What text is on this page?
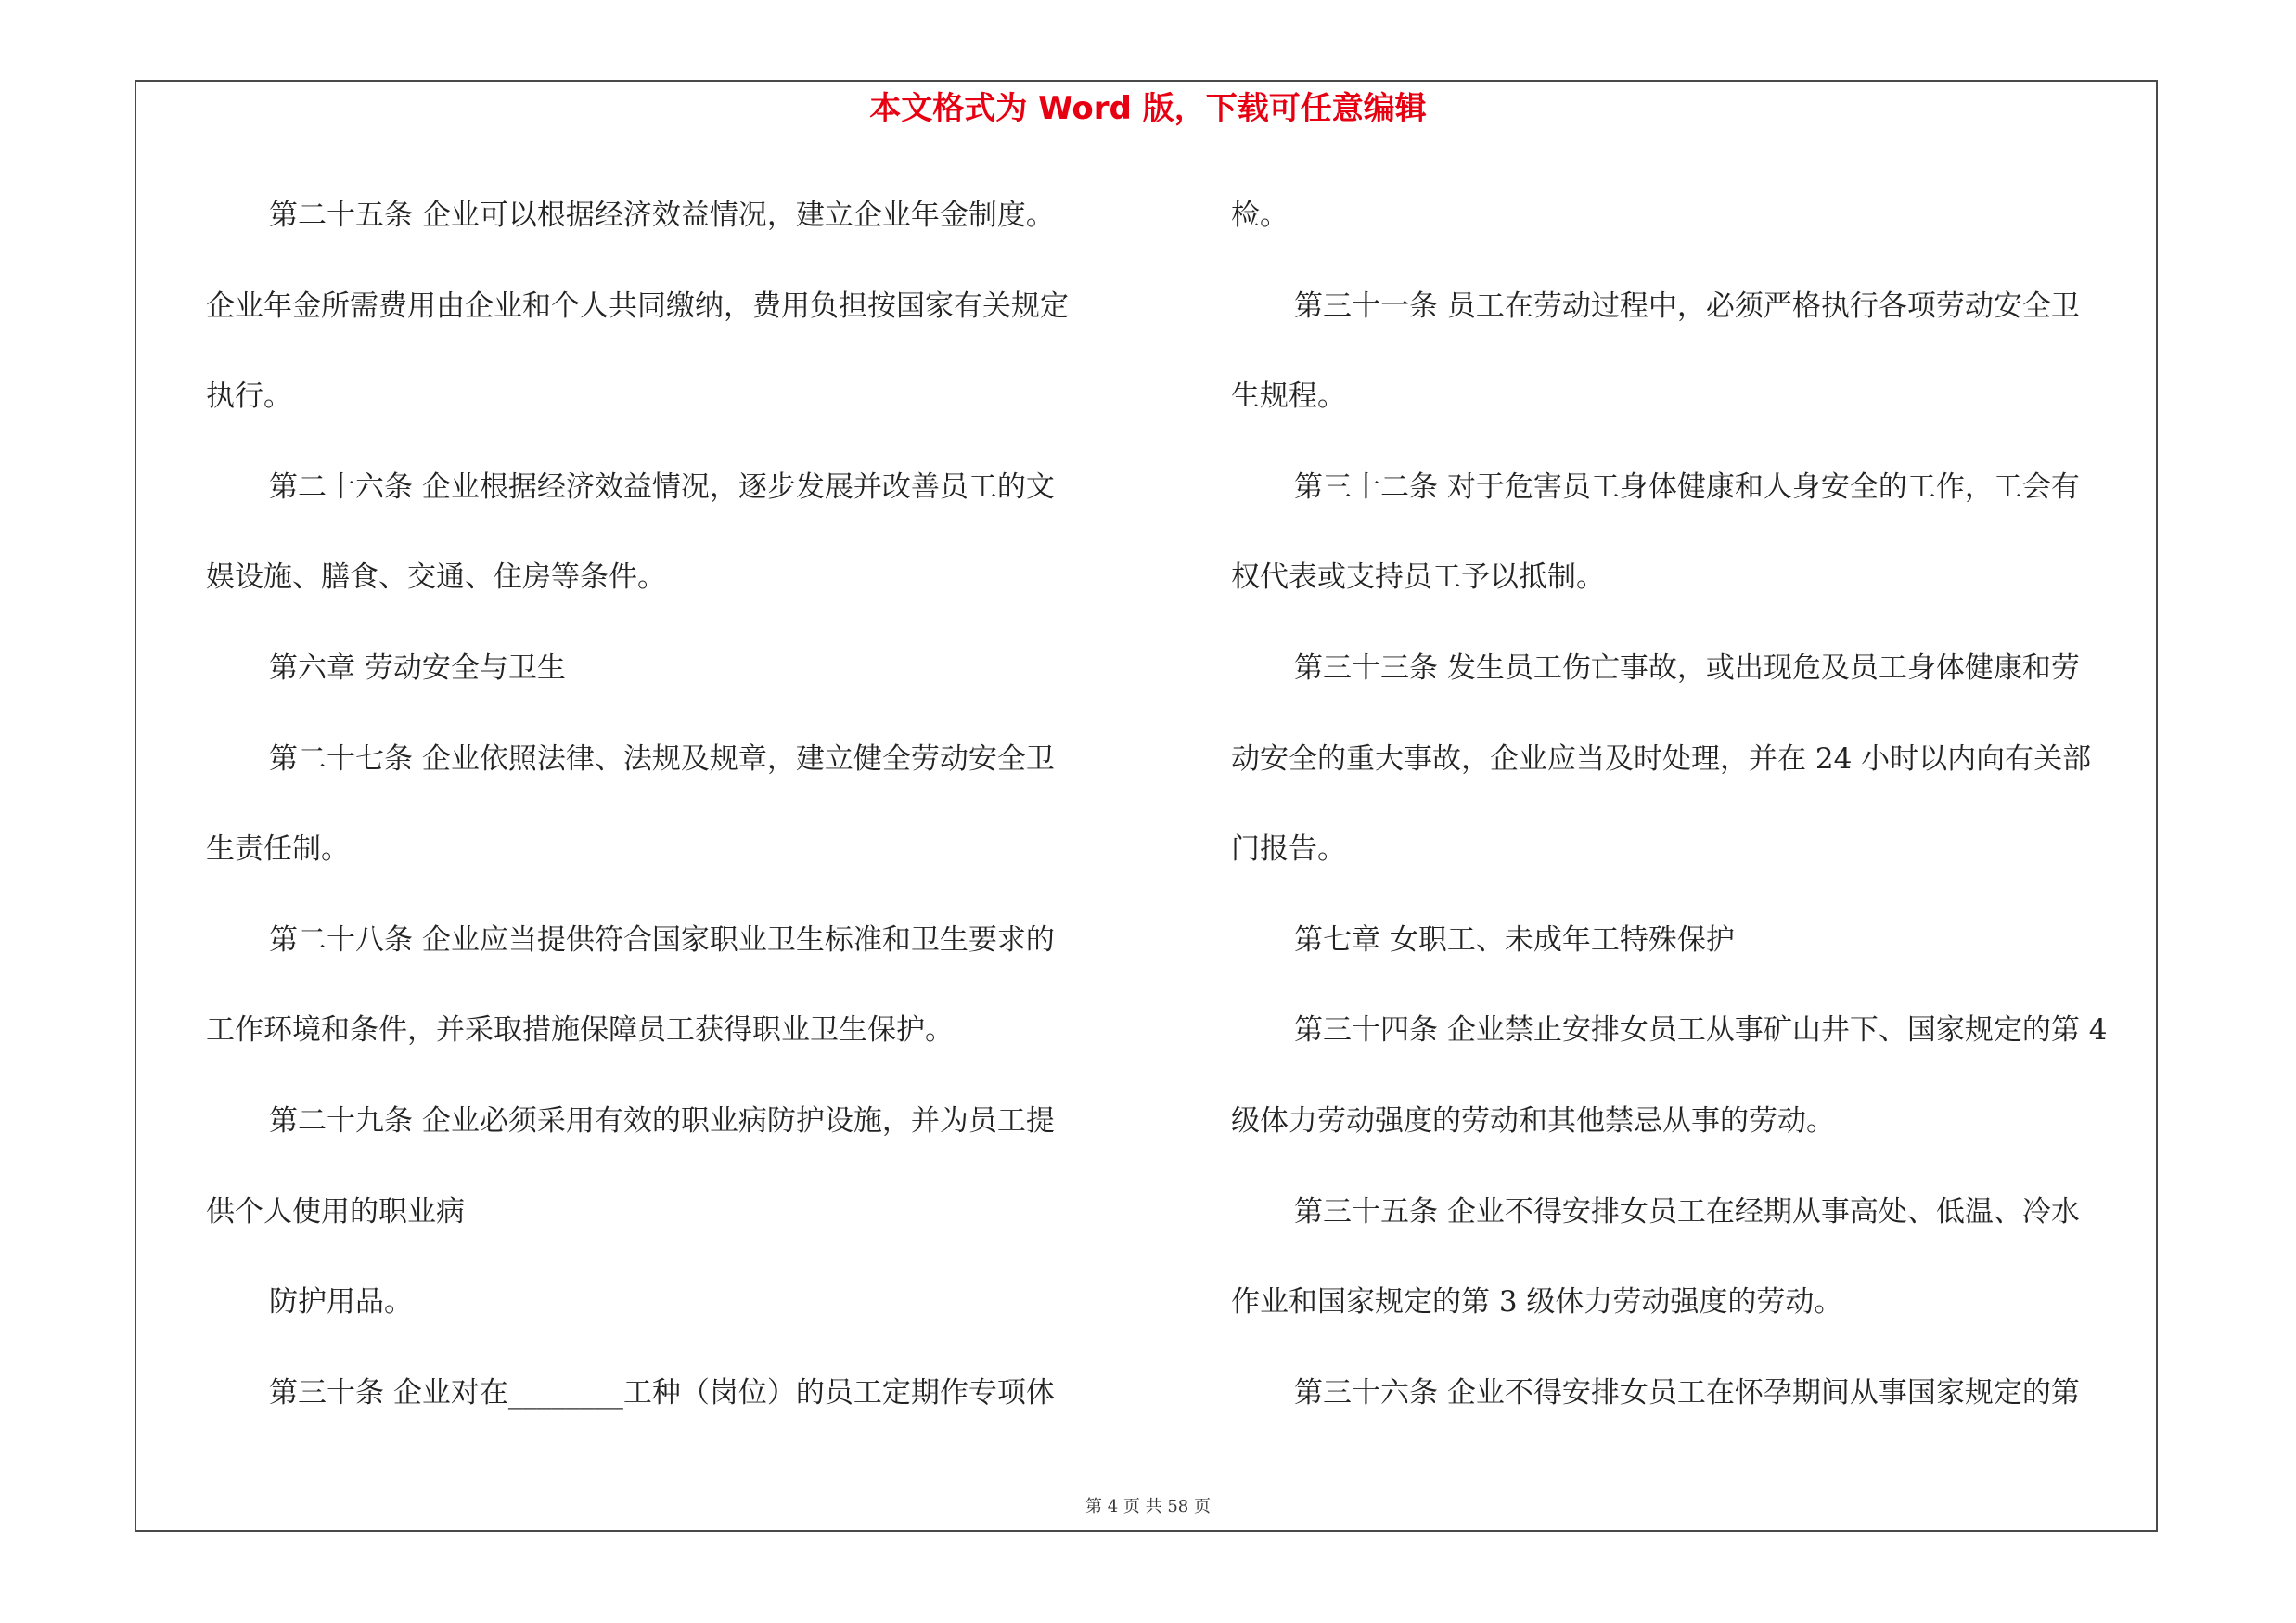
本文格式为 Word 版，下载可任意编辑
第二十五条 企业可以根据经济效益情况，建立企业年金制度。
企业年金所需费用由企业和个人共同缴纳，费用负担按国家有关规定
执行。
第二十六条 企业根据经济效益情况，逐步发展并改善员工的文
娱设施、膳食、交通、住房等条件。
第六章 劳动安全与卫生
第二十七条 企业依照法律、法规及规章，建立健全劳动安全卫
生责任制。
第二十八条 企业应当提供符合国家职业卫生标准和卫生要求的
工作环境和条件，并采取措施保障员工获得职业卫生保护。
第二十九条 企业必须采用有效的职业病防护设施，并为员工提
供个人使用的职业病
防护用品。
第三十条 企业对在________工种（岗位）的员工定期作专项体
检。
第三十一条 员工在劳动过程中，必须严格执行各项劳动安全卫
生规程。
第三十二条 对于危害员工身体健康和人身安全的工作，工会有
权代表或支持员工予以抵制。
第三十三条 发生员工伤亡事故，或出现危及员工身体健康和劳
动安全的重大事故，企业应当及时处理，并在 24 小时以内向有关部
门报告。
第七章 女职工、未成年工特殊保护
第三十四条 企业禁止安排女员工从事矿山井下、国家规定的第 4
级体力劳动强度的劳动和其他禁忌从事的劳动。
第三十五条 企业不得安排女员工在经期从事高处、低温、冷水
作业和国家规定的第 3 级体力劳动强度的劳动。
第三十六条 企业不得安排女员工在怀孕期间从事国家规定的第
第 4 页 共 58 页
